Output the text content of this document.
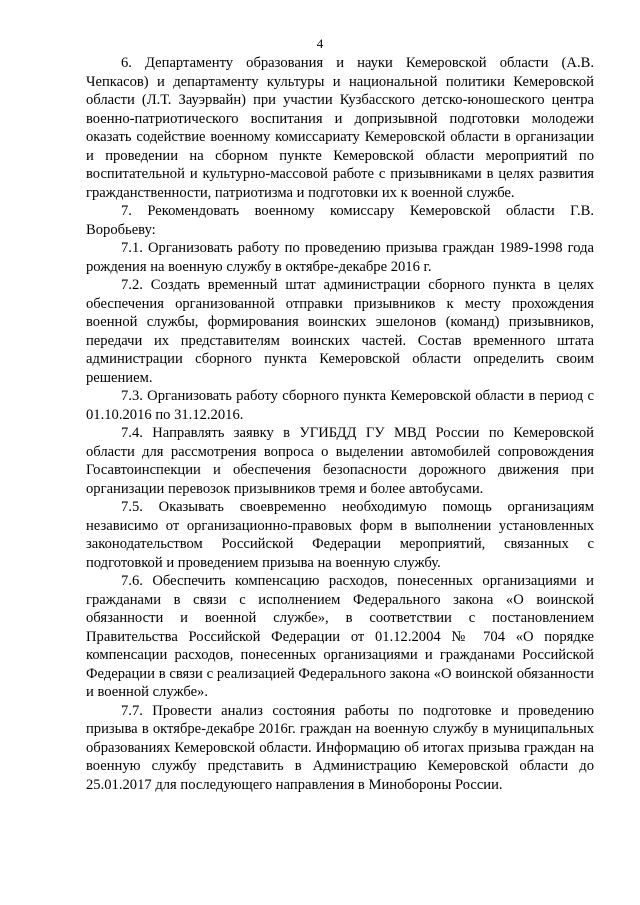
4

6. Департаменту образования и науки Кемеровской области (А.В. Чепкасов) и департаменту культуры и национальной политики Кемеровской области (Л.Т. Зауэрвайн) при участии Кузбасского детско-юношеского центра военно-патриотического воспитания и допризывной подготовки молодежи оказать содействие военному комиссариату Кемеровской области в организации и проведении на сборном пункте Кемеровской области мероприятий по воспитательной и культурно-массовой работе с призывниками в целях развития гражданственности, патриотизма и подготовки их к военной службе.

7. Рекомендовать военному комиссару Кемеровской области Г.В. Воробьеву:

7.1. Организовать работу по проведению призыва граждан 1989-1998 года рождения на военную службу в октябре-декабре 2016 г.

7.2. Создать временный штат администрации сборного пункта в целях обеспечения организованной отправки призывников к месту прохождения военной службы, формирования воинских эшелонов (команд) призывников, передачи их представителям воинских частей. Состав временного штата администрации сборного пункта Кемеровской области определить своим решением.

7.3. Организовать работу сборного пункта Кемеровской области в период с 01.10.2016 по 31.12.2016.

7.4. Направлять заявку в УГИБДД ГУ МВД России по Кемеровской области для рассмотрения вопроса о выделении автомобилей сопровождения Госавтоинспекции и обеспечения безопасности дорожного движения при организации перевозок призывников тремя и более автобусами.

7.5. Оказывать своевременно необходимую помощь организациям независимо от организационно-правовых форм в выполнении установленных законодательством Российской Федерации мероприятий, связанных с подготовкой и проведением призыва на военную службу.

7.6. Обеспечить компенсацию расходов, понесенных организациями и гражданами в связи с исполнением Федерального закона «О воинской обязанности и военной службе», в соответствии с постановлением Правительства Российской Федерации от 01.12.2004 № 704 «О порядке компенсации расходов, понесенных организациями и гражданами Российской Федерации в связи с реализацией Федерального закона «О воинской обязанности и военной службе».

7.7. Провести анализ состояния работы по подготовке и проведению призыва в октябре-декабре 2016г. граждан на военную службу в муниципальных образованиях Кемеровской области. Информацию об итогах призыва граждан на военную службу представить в Администрацию Кемеровской области до 25.01.2017 для последующего направления в Минобороны России.
